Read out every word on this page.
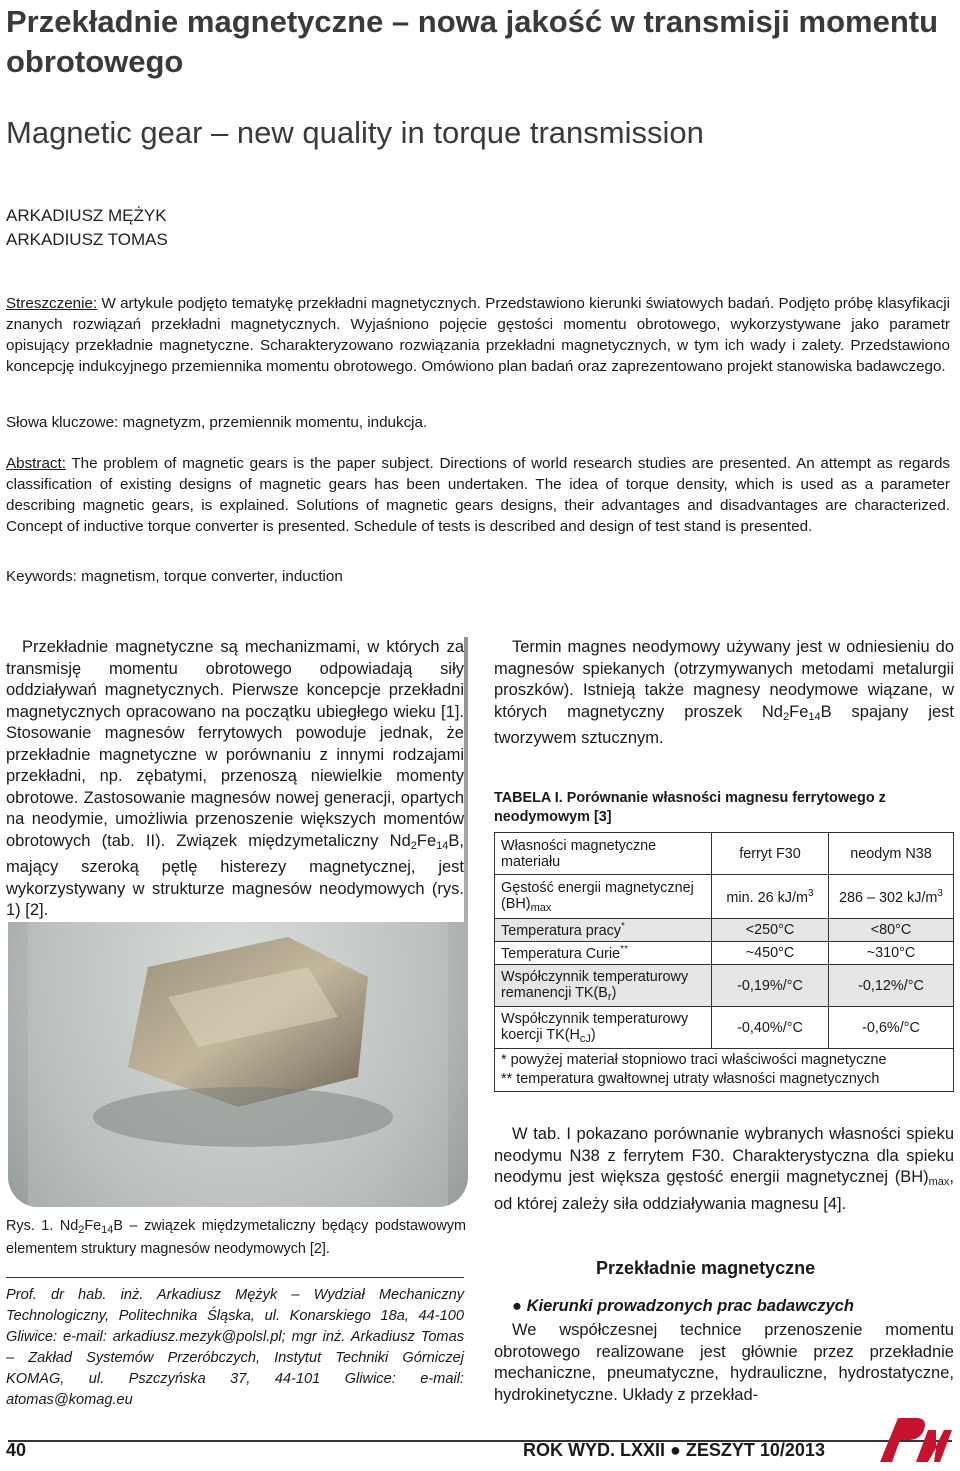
Przekładnie magnetyczne – nowa jakość w transmisji momentu obrotowego
Magnetic gear – new quality in torque transmission
ARKADIUSZ MĘŻYK
ARKADIUSZ TOMAS
Streszczenie: W artykule podjęto tematykę przekładni magnetycznych. Przedstawiono kierunki światowych badań. Podjęto próbę klasyfikacji znanych rozwiązań przekładni magnetycznych. Wyjaśniono pojęcie gęstości momentu obrotowego, wykorzystywane jako parametr opisujący przekładnie magnetyczne. Scharakteryzowano rozwiązania przekładni magnetycznych, w tym ich wady i zalety. Przedstawiono koncepcję indukcyjnego przemiennika momentu obrotowego. Omówiono plan badań oraz zaprezentowano projekt stanowiska badawczego.
Słowa kluczowe: magnetyzm, przemiennik momentu, indukcja.
Abstract: The problem of magnetic gears is the paper subject. Directions of world research studies are presented. An attempt as regards classification of existing designs of magnetic gears has been undertaken. The idea of torque density, which is used as a parameter describing magnetic gears, is explained. Solutions of magnetic gears designs, their advantages and disadvantages are characterized. Concept of inductive torque converter is presented. Schedule of tests is described and design of test stand is presented.
Keywords: magnetism, torque converter, induction
Przekładnie magnetyczne są mechanizmami, w których za transmisję momentu obrotowego odpowiadają siły oddziaływań magnetycznych. Pierwsze koncepcje przekładni magnetycznych opracowano na początku ubiegłego wieku [1]. Stosowanie magnesów ferrytowych powoduje jednak, że przekładnie magnetyczne w porównaniu z innymi rodzajami przekładni, np. zębatymi, przenoszą niewielkie momenty obrotowe. Zastosowanie magnesów nowej generacji, opartych na neodymie, umożliwia przenoszenie większych momentów obrotowych (tab. II). Związek międzymetaliczny $Nd_2Fe_{14}B$, mający szeroką pętlę histerezy magnetycznej, jest wykorzystywany w strukturze magnesów neodymowych (rys. 1) [2].
Rys. 1. $Nd_2Fe_{14}B$ – związek międzymetaliczny będący podstawowym elementem struktury magnesów neodymowych [2].
Prof. dr hab. inż. Arkadiusz Mężyk – Wydział Mechaniczny Technologiczny, Politechnika Śląska, ul. Konarskiego 18a, 44-100 Gliwice: e-mail: arkadiusz.mezyk@polsl.pl; mgr inż. Arkadiusz Tomas – Zakład Systemów Przeróbczych, Instytut Techniki Górniczej KOMAG, ul. Pszczyńska 37, 44-101 Gliwice: e-mail: atomas@komag.eu
Termin magnes neodymowy używany jest w odniesieniu do magnesów spiekanych (otrzymywanych metodami metalurgii proszków). Istnieją także magnesy neodymowe wiązane, w których magnetyczny proszek $Nd_2Fe_{14}B$ spajany jest tworzywem sztucznym.
TABELA I. Porównanie własności magnesu ferrytowego z neodymowym [3]
Własności magnetyczne materiału	ferryt F30	neodym N38
Gęstość energii magnetycznej $(BH)_{max}$	min. 26 $kJ/m^3$	286 – 302 $kJ/m^3$
Temperatura pracy*	<250°C	<80°C
Temperatura Curie**	~450°C	~310°C
Współczynnik temperaturowy remanencji $TK(B_r)$	-0,19%/°C	-0,12%/°C
Współczynnik temperaturowy koercji $TK(H_{cJ})$	-0,40%/°C	-0,6%/°C

* powyżej materiał stopniowo traci właściwości magnetyczne
** temperatura gwałtownej utraty własności magnetycznych		
W tab. I pokazano porównanie wybranych własności spieku neodymu N38 z ferrytem F30. Charakterystyczna dla spieku neodymu jest większa gęstość energii magnetycznej $(BH)_{max}$, od której zależy siła oddziaływania magnesu [4].
Przekładnie magnetyczne
● Kierunki prowadzonych prac badawczych
We współczesnej technice przenoszenie momentu obrotowego realizowane jest głównie przez przekładnie mechaniczne, pneumatyczne, hydrauliczne, hydrostatyczne, hydrokinetyczne. Układy z przekład-
40	ROK WYD. LXXII ● ZESZYT 10/2013
